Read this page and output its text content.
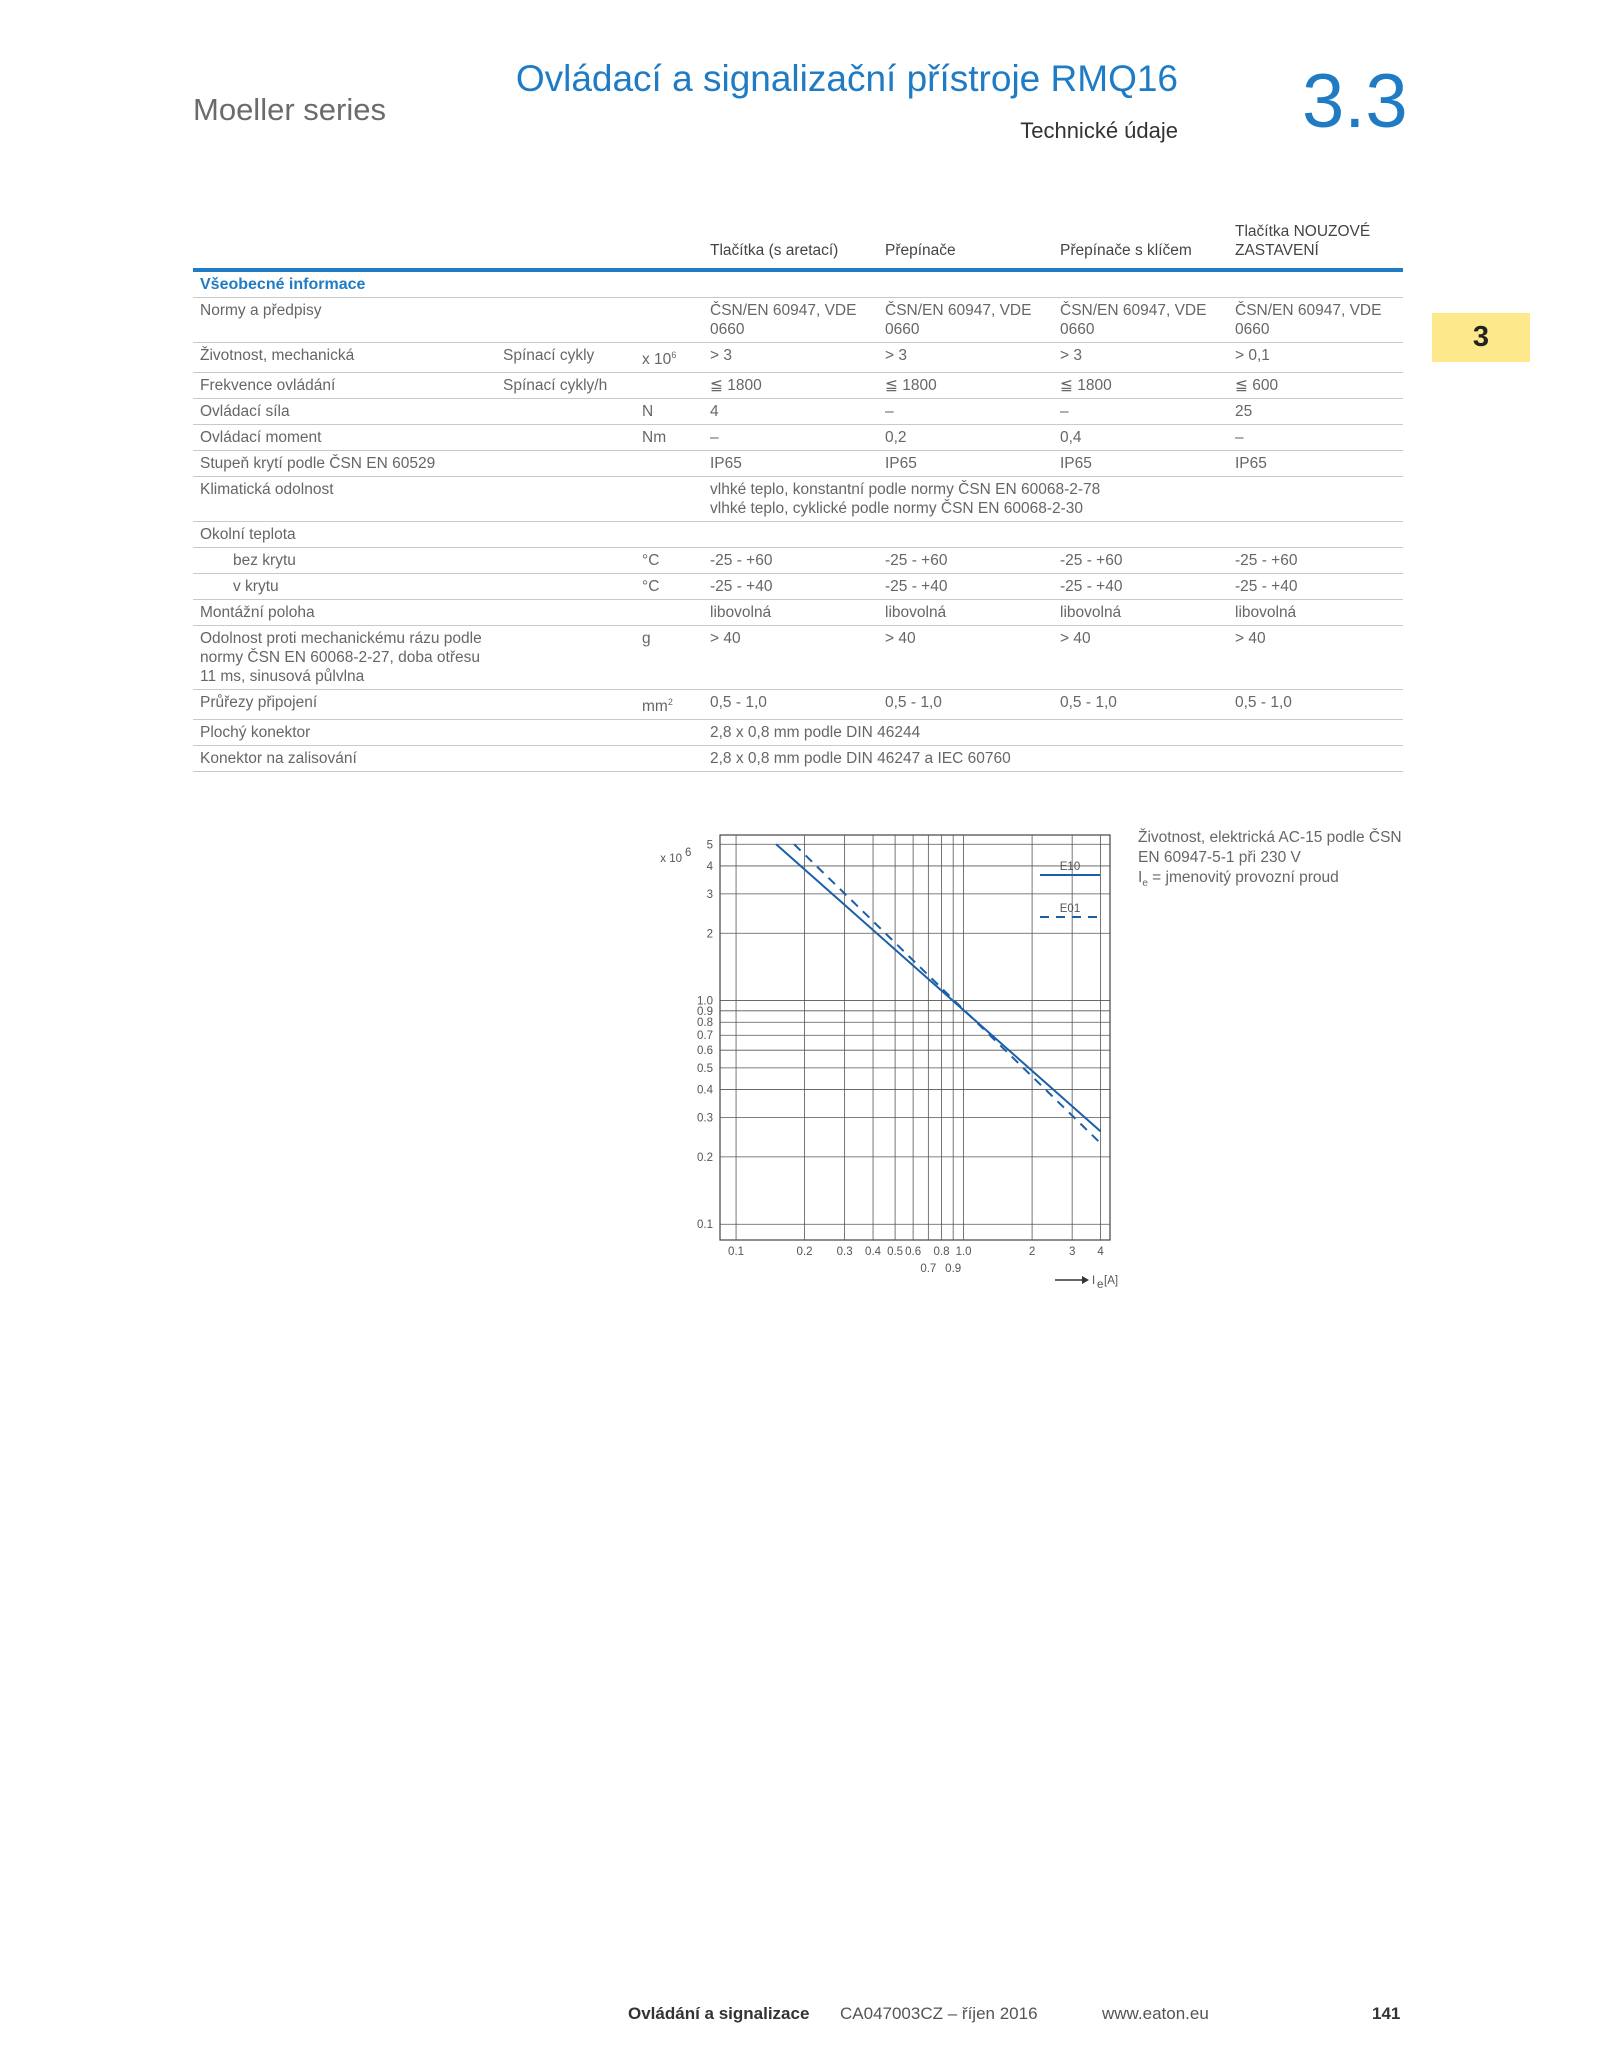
Moeller series
Ovládací a signalizační přístroje RMQ16
Technické údaje 3.3
3
			Tlačítka (s aretací)	Přepínače	Přepínače s klíčem	Tlačítka NOUZOVÉ ZASTAVENÍ
Všeobecné informace						
Normy a předpisy			ČSN/EN 60947, VDE 0660	ČSN/EN 60947, VDE 0660	ČSN/EN 60947, VDE 0660	ČSN/EN 60947, VDE 0660
Životnost, mechanická	Spínací cykly	x $10^6$	> 3	> 3	> 3	> 0,1
Frekvence ovládání	Spínací cykly/h		≦ 1800	≦ 1800	≦ 1800	≦ 600
Ovládací síla		N	4	–	–	25
Ovládací moment		Nm	–	0,2	0,4	–
Stupeň krytí podle ČSN EN 60529			IP65	IP65	IP65	IP65
Klimatická odolnost			vlhké teplo, konstantní podle normy ČSN EN 60068-2-78
vlhké teplo, cyklické podle normy ČSN EN 60068-2-30			
Okolní teplota						
bez krytu		°C	-25 - +60	-25 - +60	-25 - +60	-25 - +60
v krytu		°C	-25 - +40	-25 - +40	-25 - +40	-25 - +40
Montážní poloha			libovolná	libovolná	libovolná	libovolná
Odolnost proti mechanickému rázu podle normy ČSN EN 60068-2-27, doba otřesu 11 ms, sinusová půlvlna		g	> 40	> 40	> 40	> 40
Průřezy připojení		$mm^2$	0,5 - 1,0	0,5 - 1,0	0,5 - 1,0	0,5 - 1,0
Plochý konektor			2,8 x 0,8 mm podle DIN 46244			
Konektor na zalisování			2,8 x 0,8 mm podle DIN 46247 a IEC 60760			
0.1	0.2 0.3 0.4 0.5 0.6
0.7
0.8
0.9
1.0	2	3 4
0.1
0.2
0.3
0.4
0.5
0.6
0.7
0.8
0.9
1.0
2
3
4
5
E10
E01
x 10 6
I e [A]
Životnost, elektrická AC-15 podle ČSN EN 60947-5-1 při 230 V
$I_e$ = jmenovitý provozní proud
Ovládání a signalizace CA047003CZ – říjen 2016	www.eaton.eu	141
